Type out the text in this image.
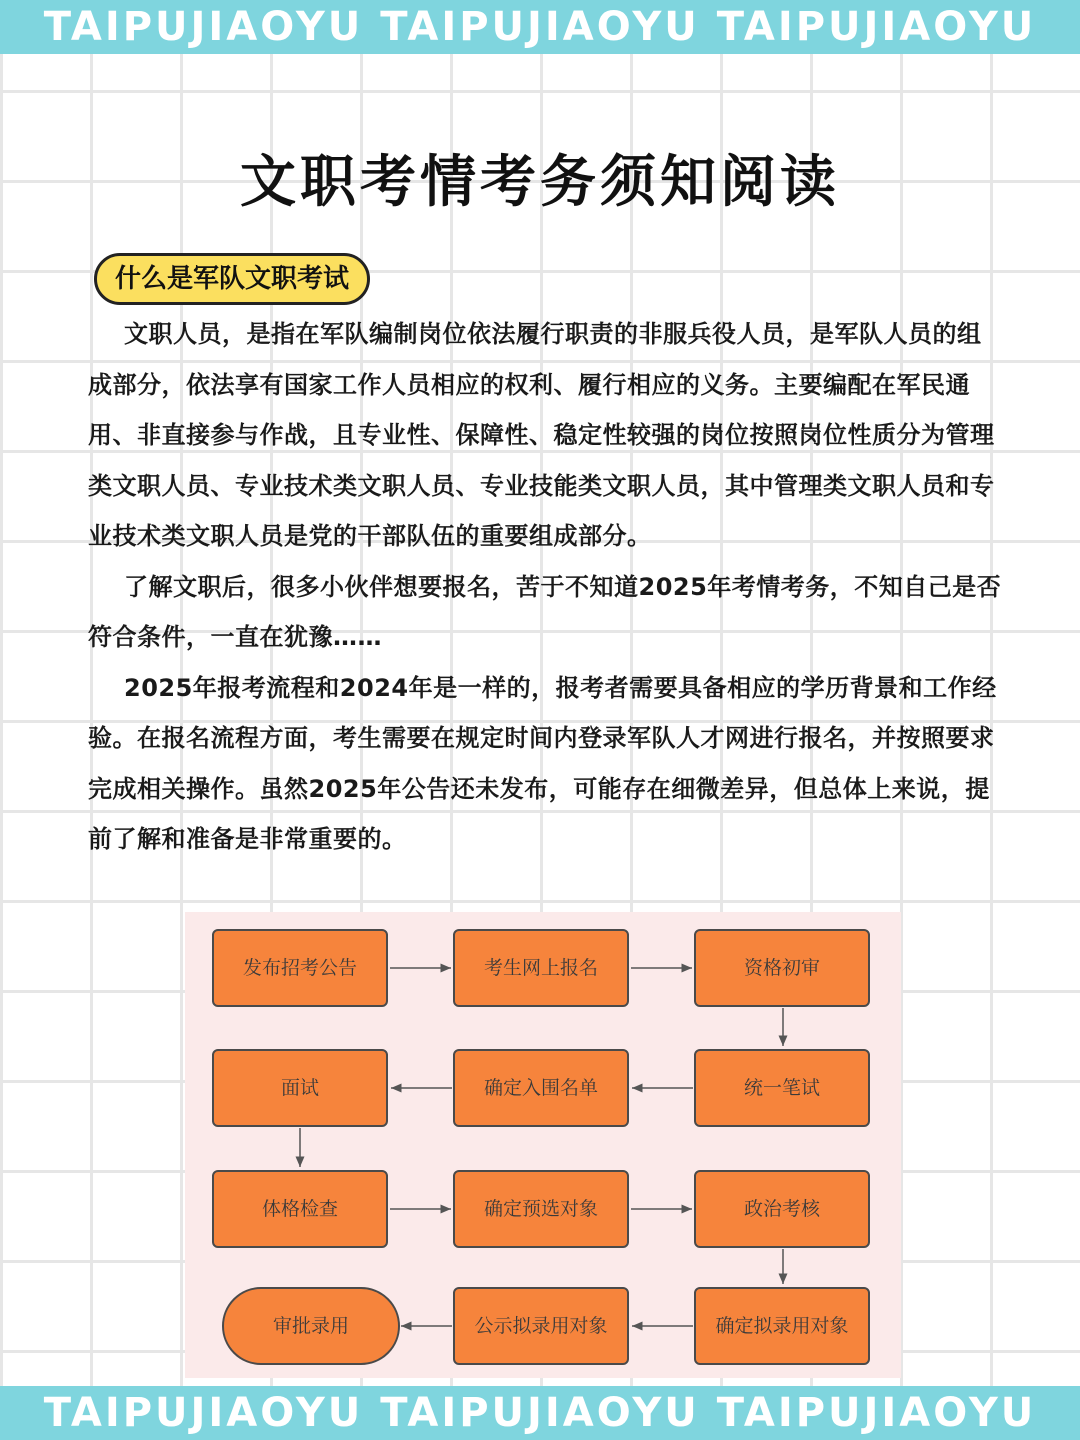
TAIPUJIAOYU TAIPUJIAOYU TAIPUJIAOYU
文职考情考务须知阅读
什么是军队文职考试

文职人员，是指在军队编制岗位依法履行职责的非服兵役人员，是军队人员的组成部分，依法享有国家工作人员相应的权利、履行相应的义务。主要编配在军民通用、非直接参与作战，且专业性、保障性、稳定性较强的岗位按照岗位性质分为管理类文职人员、专业技术类文职人员、专业技能类文职人员，其中管理类文职人员和专业技术类文职人员是党的干部队伍的重要组成部分。

了解文职后，很多小伙伴想要报名，苦于不知道2025年考情考务，不知自己是否符合条件，一直在犹豫……

2025年报考流程和2024年是一样的，报考者需要具备相应的学历背景和工作经验。在报名流程方面，考生需要在规定时间内登录军队人才网进行报名，并按照要求完成相关操作。虽然2025年公告还未发布，可能存在细微差异，但总体上来说，提前了解和准备是非常重要的。

发布招考公告	考生网上报名	资格初审
统一笔试
确定入围名单
面试
体格检查	确定预选对象	政治考核
确定拟录用对象
公示拟录用对象
审批录用
TAIPUJIAOYU TAIPUJIAOYU TAIPUJIAOYU
